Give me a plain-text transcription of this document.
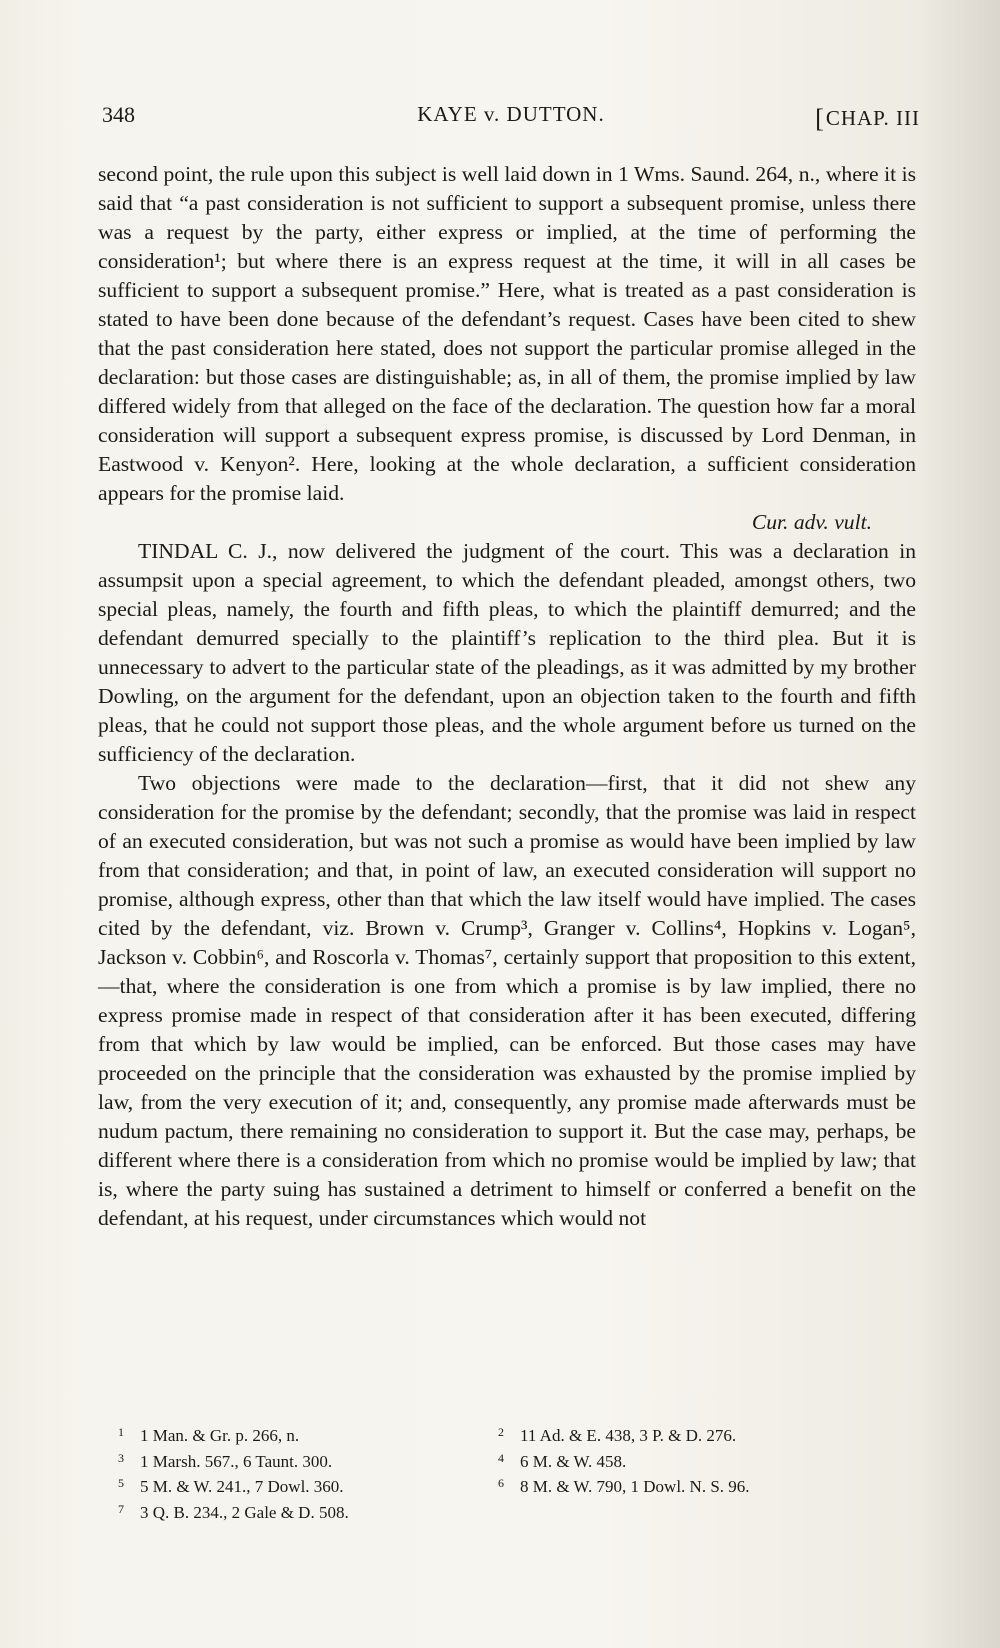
348	KAYE v. DUTTON.	[CHAP. III

second point, the rule upon this subject is well laid down in 1 Wms. Saund. 264, n., where it is said that “a past consideration is not sufficient to support a subsequent promise, unless there was a request by the party, either express or implied, at the time of performing the consideration¹; but where there is an express request at the time, it will in all cases be sufficient to support a subsequent promise.” Here, what is treated as a past consideration is stated to have been done because of the defendant’s request. Cases have been cited to shew that the past consideration here stated, does not support the particular promise alleged in the declaration: but those cases are distinguishable; as, in all of them, the promise implied by law differed widely from that alleged on the face of the declaration. The question how far a moral consideration will support a subsequent express promise, is discussed by Lord Denman, in Eastwood v. Kenyon². Here, looking at the whole declaration, a sufficient consideration appears for the promise laid.

Cur. adv. vult.

TINDAL C. J., now delivered the judgment of the court. This was a declaration in assumpsit upon a special agreement, to which the defendant pleaded, amongst others, two special pleas, namely, the fourth and fifth pleas, to which the plaintiff demurred; and the defendant demurred specially to the plaintiff’s replication to the third plea. But it is unnecessary to advert to the particular state of the pleadings, as it was admitted by my brother Dowling, on the argument for the defendant, upon an objection taken to the fourth and fifth pleas, that he could not support those pleas, and the whole argument before us turned on the sufficiency of the declaration.

Two objections were made to the declaration—first, that it did not shew any consideration for the promise by the defendant; secondly, that the promise was laid in respect of an executed consideration, but was not such a promise as would have been implied by law from that consideration; and that, in point of law, an executed consideration will support no promise, although express, other than that which the law itself would have implied. The cases cited by the defendant, viz. Brown v. Crump³, Granger v. Collins⁴, Hopkins v. Logan⁵, Jackson v. Cobbin⁶, and Roscorla v. Thomas⁷, certainly support that proposition to this extent,—that, where the consideration is one from which a promise is by law implied, there no express promise made in respect of that consideration after it has been executed, differing from that which by law would be implied, can be enforced. But those cases may have proceeded on the principle that the consideration was exhausted by the promise implied by law, from the very execution of it; and, consequently, any promise made afterwards must be nudum pactum, there remaining no consideration to support it. But the case may, perhaps, be different where there is a consideration from which no promise would be implied by law; that is, where the party suing has sustained a detriment to himself or conferred a benefit on the defendant, at his request, under circumstances which would not

1 1 Man. & Gr. p. 266, n.	2 11 Ad. & E. 438, 3 P. & D. 276.
3 1 Marsh. 567., 6 Taunt. 300.	4 6 M. & W. 458.
5 5 M. & W. 241., 7 Dowl. 360.	6 8 M. & W. 790, 1 Dowl. N. S. 96.
7 3 Q. B. 234., 2 Gale & D. 508.
